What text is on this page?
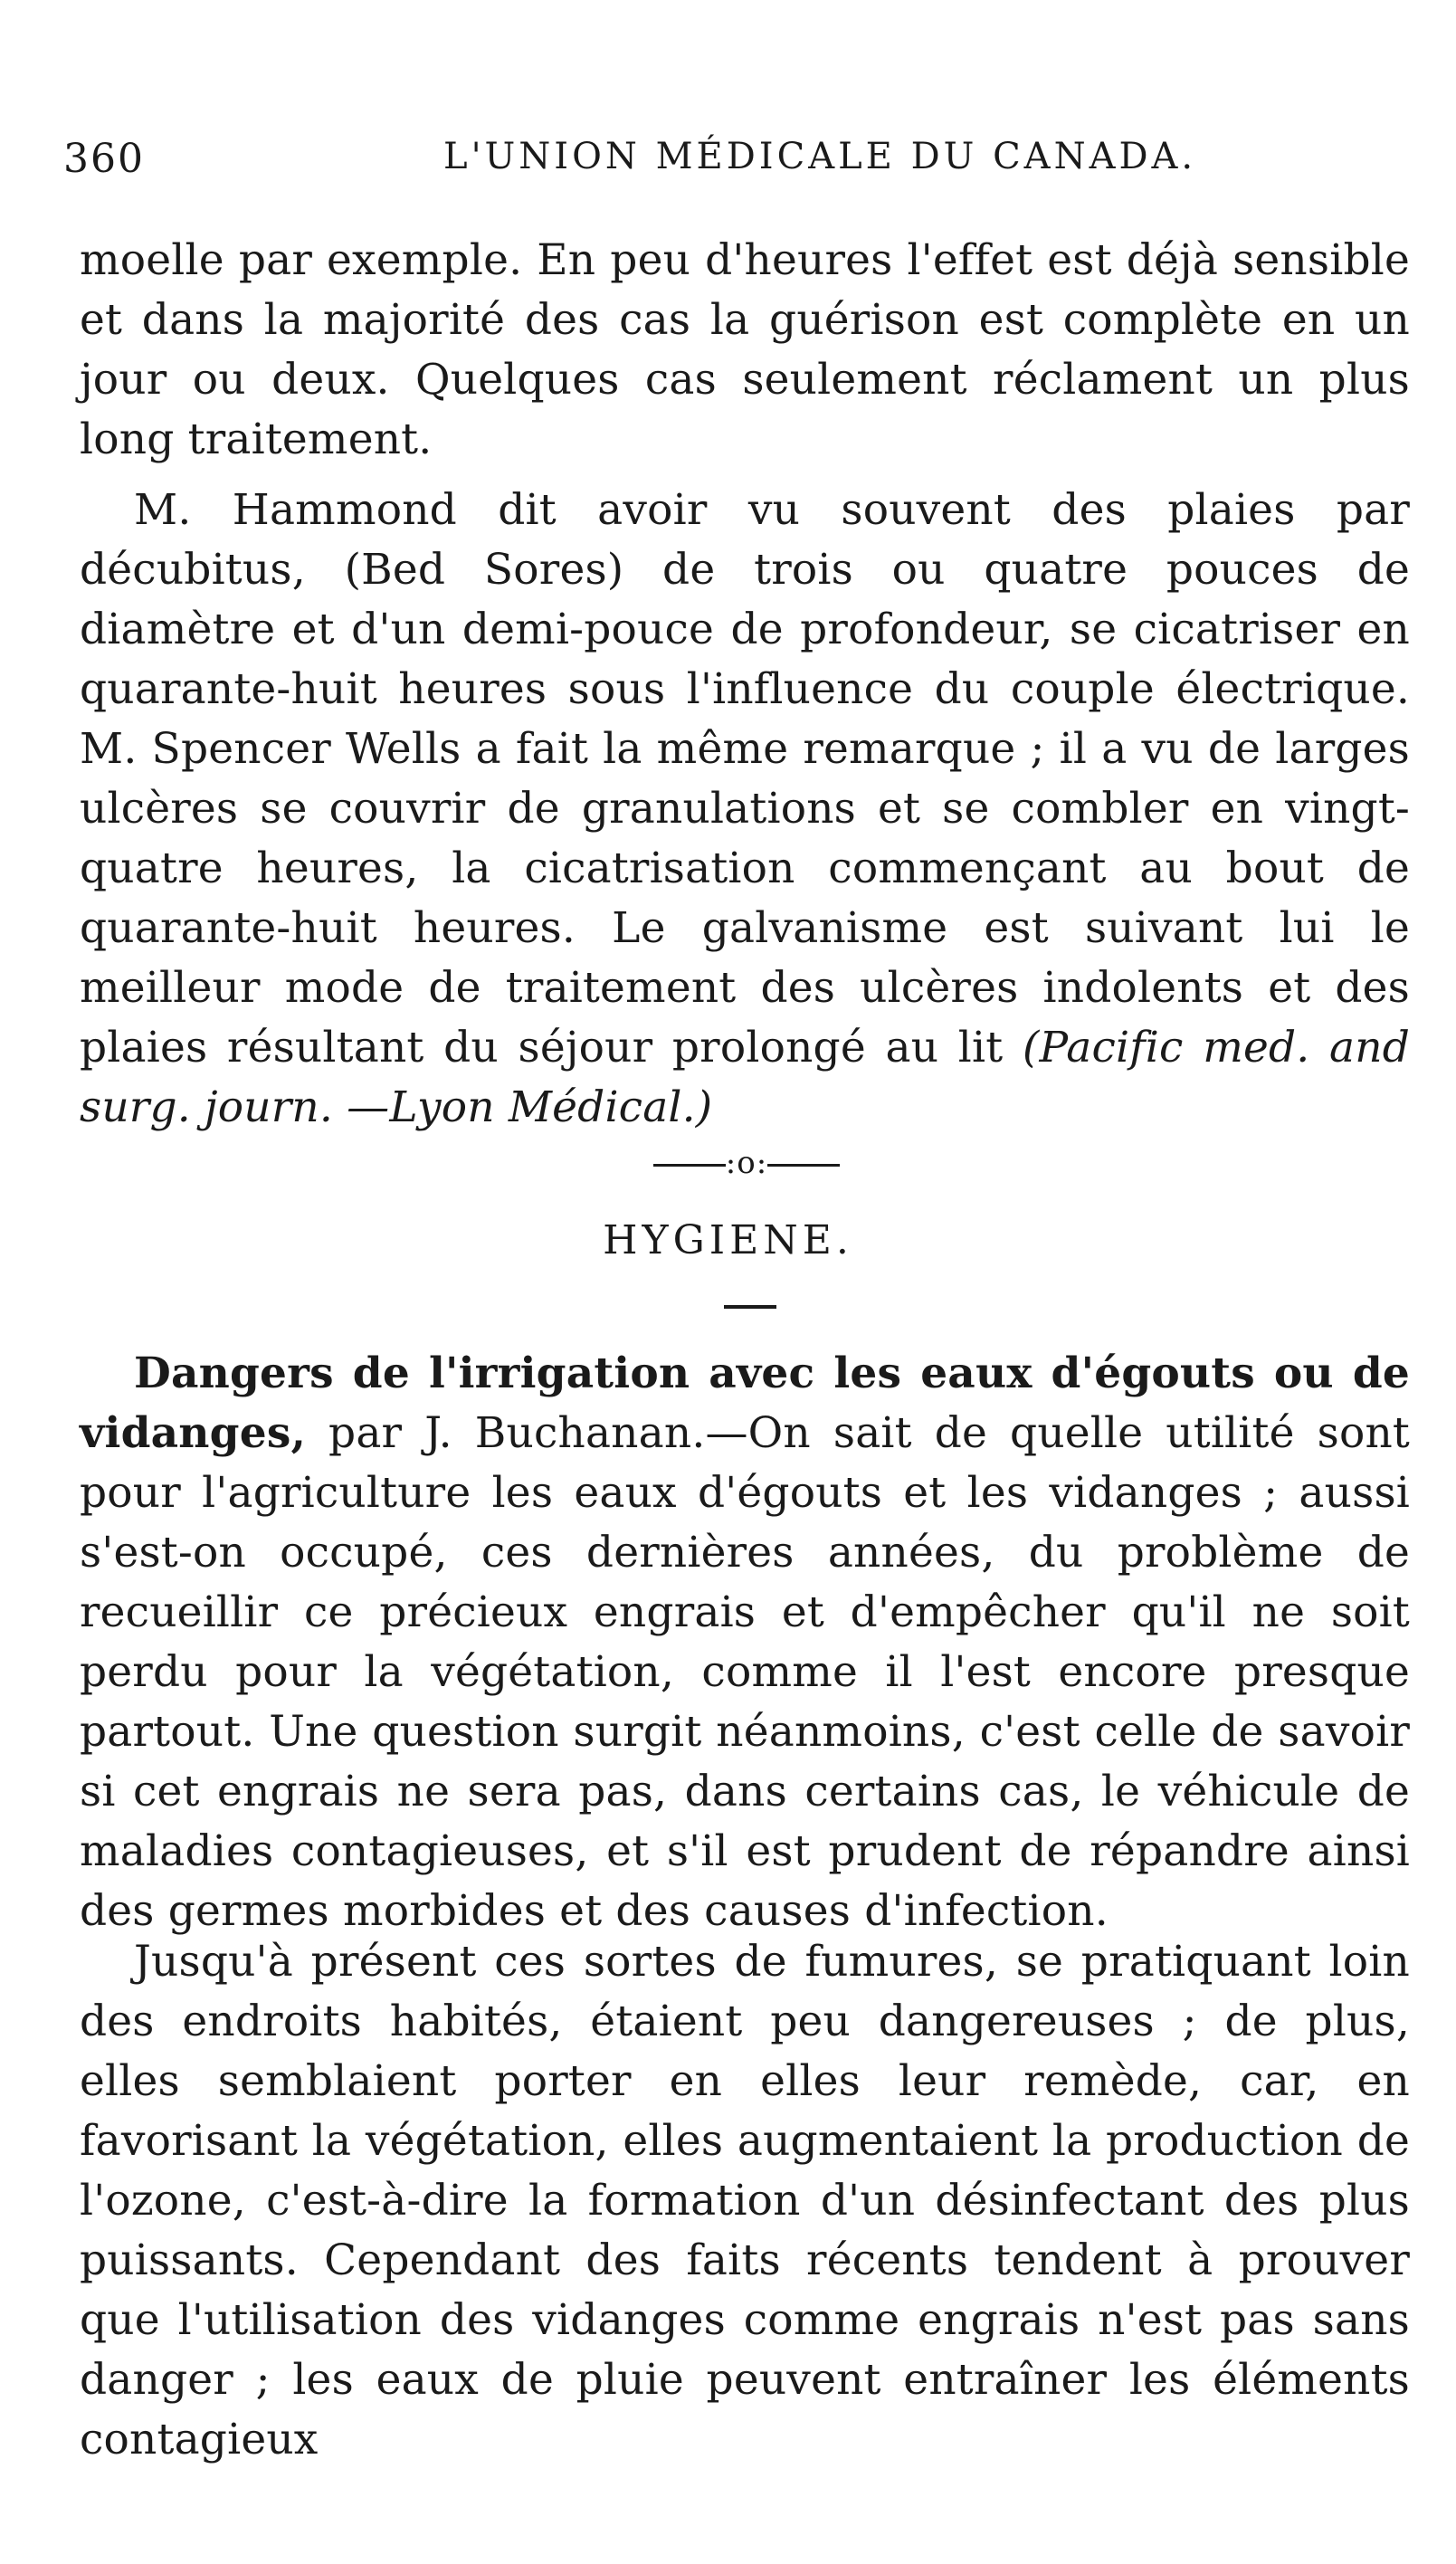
360	L'UNION MÉDICALE DU CANADA.

moelle par exemple. En peu d'heures l'effet est déjà sensible et dans la majorité des cas la guérison est complète en un jour ou deux. Quelques cas seulement réclament un plus long traitement.

M. Hammond dit avoir vu souvent des plaies par décubitus, (Bed Sores) de trois ou quatre pouces de diamètre et d'un demi-pouce de profondeur, se cicatriser en quarante-huit heures sous l'influence du couple électrique. M. Spencer Wells a fait la même remarque ; il a vu de larges ulcères se couvrir de granulations et se combler en vingt-quatre heures, la cicatrisation commençant au bout de quarante-huit heures. Le galvanisme est suivant lui le meilleur mode de traitement des ulcères indolents et des plaies résultant du séjour prolongé au lit (Pacific med. and surg. journ. —Lyon Médical.)

:o:
HYGIENE.

Dangers de l'irrigation avec les eaux d'égouts ou de vidanges, par J. Buchanan.—On sait de quelle utilité sont pour l'agriculture les eaux d'égouts et les vidanges ; aussi s'est-on occupé, ces dernières années, du problème de recueillir ce précieux engrais et d'empêcher qu'il ne soit perdu pour la végétation, comme il l'est encore presque partout. Une question surgit néanmoins, c'est celle de savoir si cet engrais ne sera pas, dans certains cas, le véhicule de maladies contagieuses, et s'il est prudent de répandre ainsi des germes morbides et des causes d'infection.

Jusqu'à présent ces sortes de fumures, se pratiquant loin des endroits habités, étaient peu dangereuses ; de plus, elles semblaient porter en elles leur remède, car, en favorisant la végétation, elles augmentaient la production de l'ozone, c'est-à-dire la formation d'un désinfectant des plus puissants. Cependant des faits récents tendent à prouver que l'utilisation des vidanges comme engrais n'est pas sans danger ; les eaux de pluie peuvent entraîner les éléments contagieux
